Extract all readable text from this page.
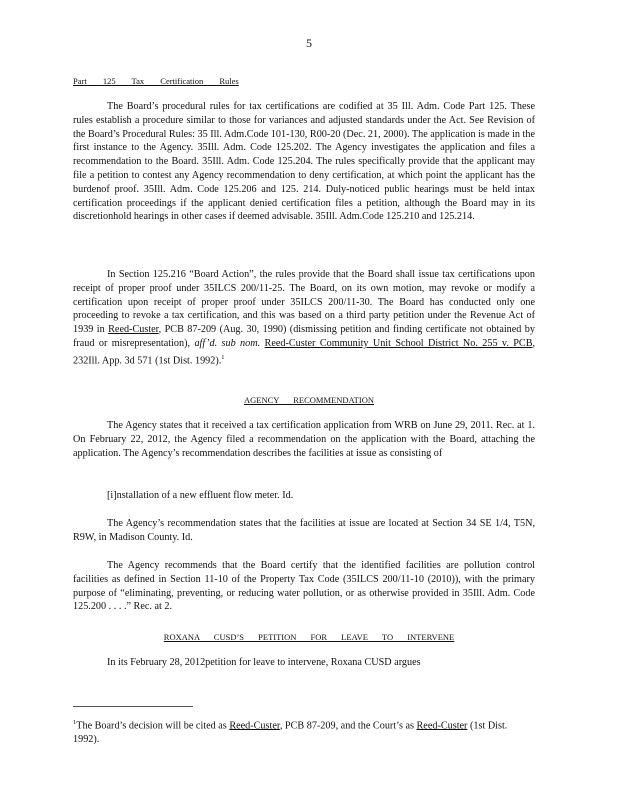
5
Part 125 Tax Certification Rules

The Board’s procedural rules for tax certifications are codified at 35 Ill. Adm. Code Part 125. These rules establish a procedure similar to those for variances and adjusted standards under the Act. See Revision of the Board’s Procedural Rules: 35 Ill. Adm.Code 101-130, R00-20 (Dec. 21, 2000). The application is made in the first instance to the Agency. 35Ill. Adm. Code 125.202. The Agency investigates the application and files a recommendation to the Board. 35Ill. Adm. Code 125.204. The rules specifically provide that the applicant may file a petition to contest any Agency recommendation to deny certification, at which point the applicant has the burdenof proof. 35Ill. Adm. Code 125.206 and 125. 214. Duly-noticed public hearings must be held intax certification proceedings if the applicant denied certification files a petition, although the Board may in its discretionhold hearings in other cases if deemed advisable. 35Ill. Adm.Code 125.210 and 125.214.

In Section 125.216 “Board Action”, the rules provide that the Board shall issue tax certifications upon receipt of proper proof under 35ILCS 200/11-25. The Board, on its own motion, may revoke or modify a certification upon receipt of proper proof under 35ILCS 200/11-30. The Board has conducted only one proceeding to revoke a tax certification, and this was based on a third party petition under the Revenue Act of 1939 in Reed-Custer, PCB 87-209 (Aug. 30, 1990) (dismissing petition and finding certificate not obtained by fraud or misrepresentation), aff’d. sub nom. Reed-Custer Community Unit School District No. 255 v. PCB, 232Ill. App. 3d 571 (1st Dist. 1992).$^1$

AGENCY RECOMMENDATION

The Agency states that it received a tax certification application from WRB on June 29, 2011. Rec. at 1. On February 22, 2012, the Agency filed a recommendation on the application with the Board, attaching the application. The Agency’s recommendation describes the facilities at issue as consisting of

[i]nstallation of a new effluent flow meter. Id.

The Agency’s recommendation states that the facilities at issue are located at Section 34 SE 1/4, T5N, R9W, in Madison County. Id.

The Agency recommends that the Board certify that the identified facilities are pollution control facilities as defined in Section 11-10 of the Property Tax Code (35ILCS 200/11-10 (2010)), with the primary purpose of “eliminating, preventing, or reducing water pollution, or as otherwise provided in 35Ill. Adm. Code 125.200 . . . .” Rec. at 2.

ROXANA CUSD’S PETITION FOR LEAVE TO INTERVENE

In its February 28, 2012petition for leave to intervene, Roxana CUSD argues

$^1$The Board’s decision will be cited as Reed-Custer, PCB 87-209, and the Court’s as Reed-Custer (1st Dist. 1992).
